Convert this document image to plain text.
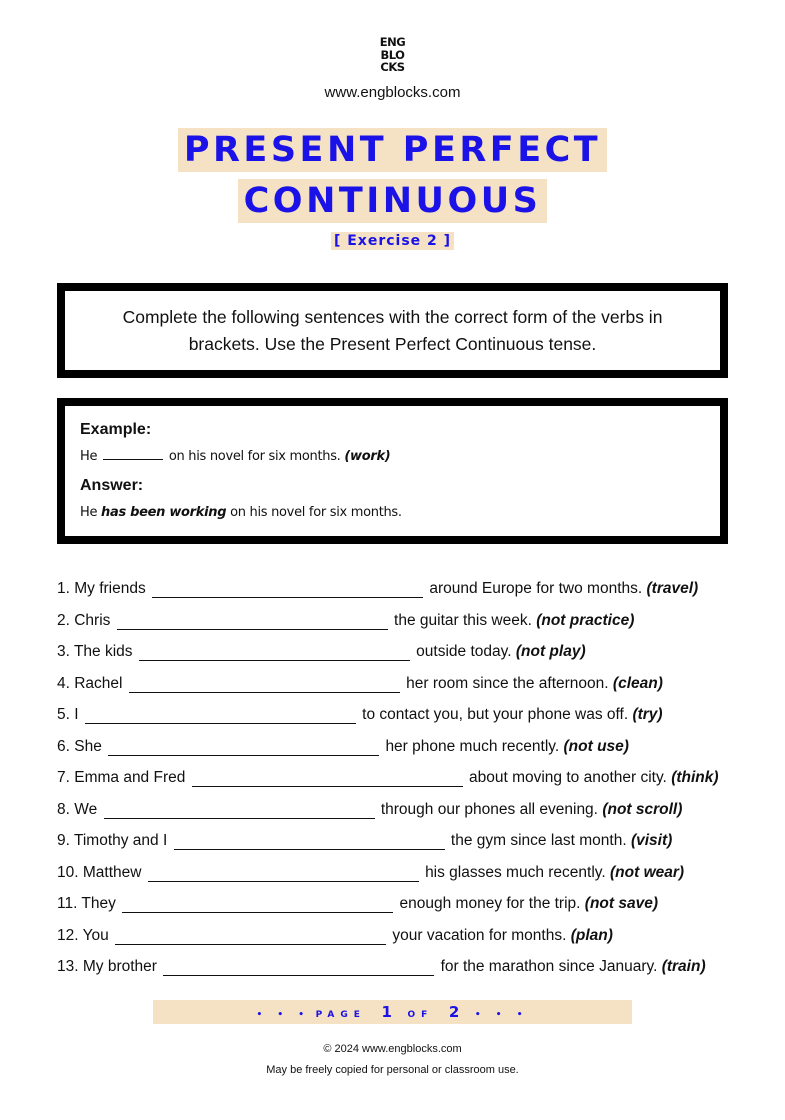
ENG
BLO
CKS
www.engblocks.com
PRESENT PERFECT
CONTINUOUS
[ Exercise 2 ]

Complete the following sentences with the correct form of the verbs in brackets. Use the Present Perfect Continuous tense.

Example:
He	on his novel for six months. (work)
Answer:
He has been working on his novel for six months.
1. My friends	around Europe for two months. (travel)
2. Chris	the guitar this week. (not practice)
3. The kids	outside today. (not play)
4. Rachel	her room since the afternoon. (clean)
5. I	to contact you, but your phone was off. (try)
6. She	her phone much recently. (not use)
7. Emma and Fred	about moving to another city. (think)
8. We	through our phones all evening. (not scroll)
9. Timothy and I	the gym since last month. (visit)
10. Matthew	his glasses much recently. (not wear)
11. They	enough money for the trip. (not save)
12. You	your vacation for months. (plan)
13. My brother	for the marathon since January. (train)
• • • PAGE 1 OF 2 • • •
© 2024 www.engblocks.com
May be freely copied for personal or classroom use.
